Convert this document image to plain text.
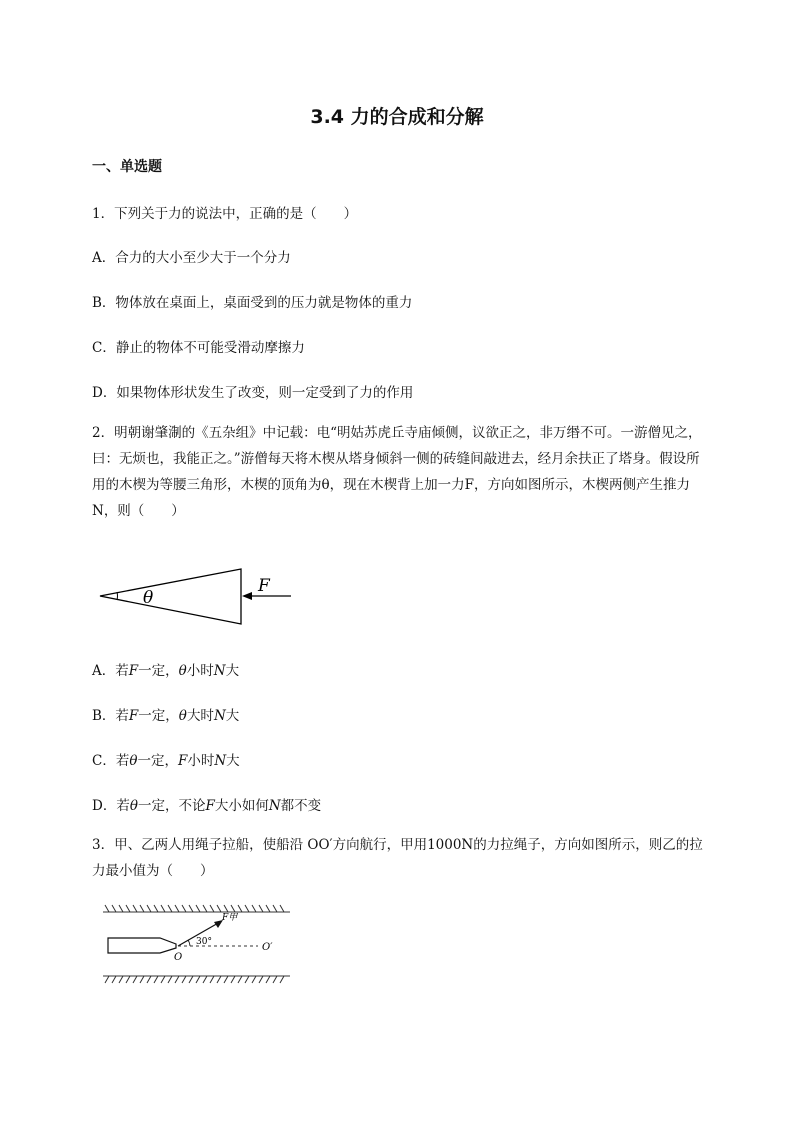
3.4 力的合成和分解
一、单选题
1．下列关于力的说法中，正确的是（　　）
A．合力的大小至少大于一个分力
B．物体放在桌面上，桌面受到的压力就是物体的重力
C．静止的物体不可能受滑动摩擦力
D．如果物体形状发生了改变，则一定受到了力的作用
2．明朝谢肇淛的《五杂组》中记载：电“明姑苏虎丘寺庙倾侧，议欲正之，非万缗不可。一游僧见之，曰：无烦也，我能正之。”游僧每天将木楔从塔身倾斜一侧的砖缝间敲进去，经月余扶正了塔身。假设所用的木楔为等腰三角形，木楔的顶角为θ，现在木楔背上加一力F，方向如图所示，木楔两侧产生推力N，则（　　）
θ
F
A．若F一定，θ小时N大
B．若F一定，θ大时N大
C．若θ一定，F小时N大
D．若θ一定，不论F大小如何N都不变
3．甲、乙两人用绳子拉船，使船沿 OO′方向航行，甲用1000N的力拉绳子，方向如图所示，则乙的拉力最小值为（　　）
F甲
30°
O
O′
